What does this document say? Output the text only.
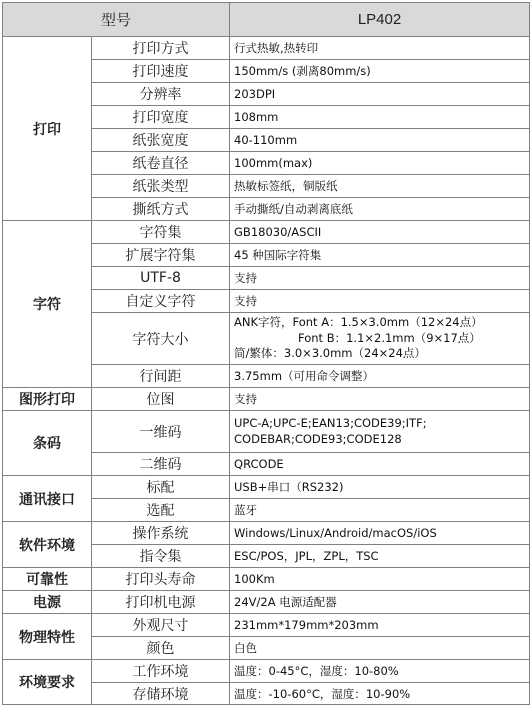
型号		LP402
打印	打印方式	行式热敏,热转印
	打印速度	150mm/s (剥离80mm/s)
	分辨率	203DPI
	打印宽度	108mm
	纸张宽度	40-110mm
	纸卷直径	100mm(max)
	纸张类型	热敏标签纸，铜版纸
	撕纸方式	手动撕纸/自动剥离底纸
字符	字符集	GB18030/ASCII
	扩展字符集	45 种国际字符集
	UTF-8	支持
	自定义字符	支持
	字符大小	ANK字符，Font A：1.5×3.0mm（12×24点）
Font B：1.1×2.1mm（9×17点）
简/繁体：3.0×3.0mm（24×24点）

	行间距	3.75mm（可用命令调整）
图形打印	位图	支持
条码	一维码	UPC-A;UPC-E;EAN13;CODE39;ITF;
CODEBAR;CODE93;CODE128

	二维码	QRCODE
通讯接口	标配	USB+串口（RS232)
	选配	蓝牙
软件环境	操作系统	Windows/Linux/Android/macOS/iOS
	指令集	ESC/POS，JPL，ZPL，TSC
可靠性	打印头寿命	100Km
电源	打印机电源	24V/2A 电源适配器
物理特性	外观尺寸	231mm*179mm*203mm
	颜色	白色
环境要求	工作环境	温度：0-45°C，湿度：10-80%
	存储环境	温度：-10-60°C，湿度：10-90%
